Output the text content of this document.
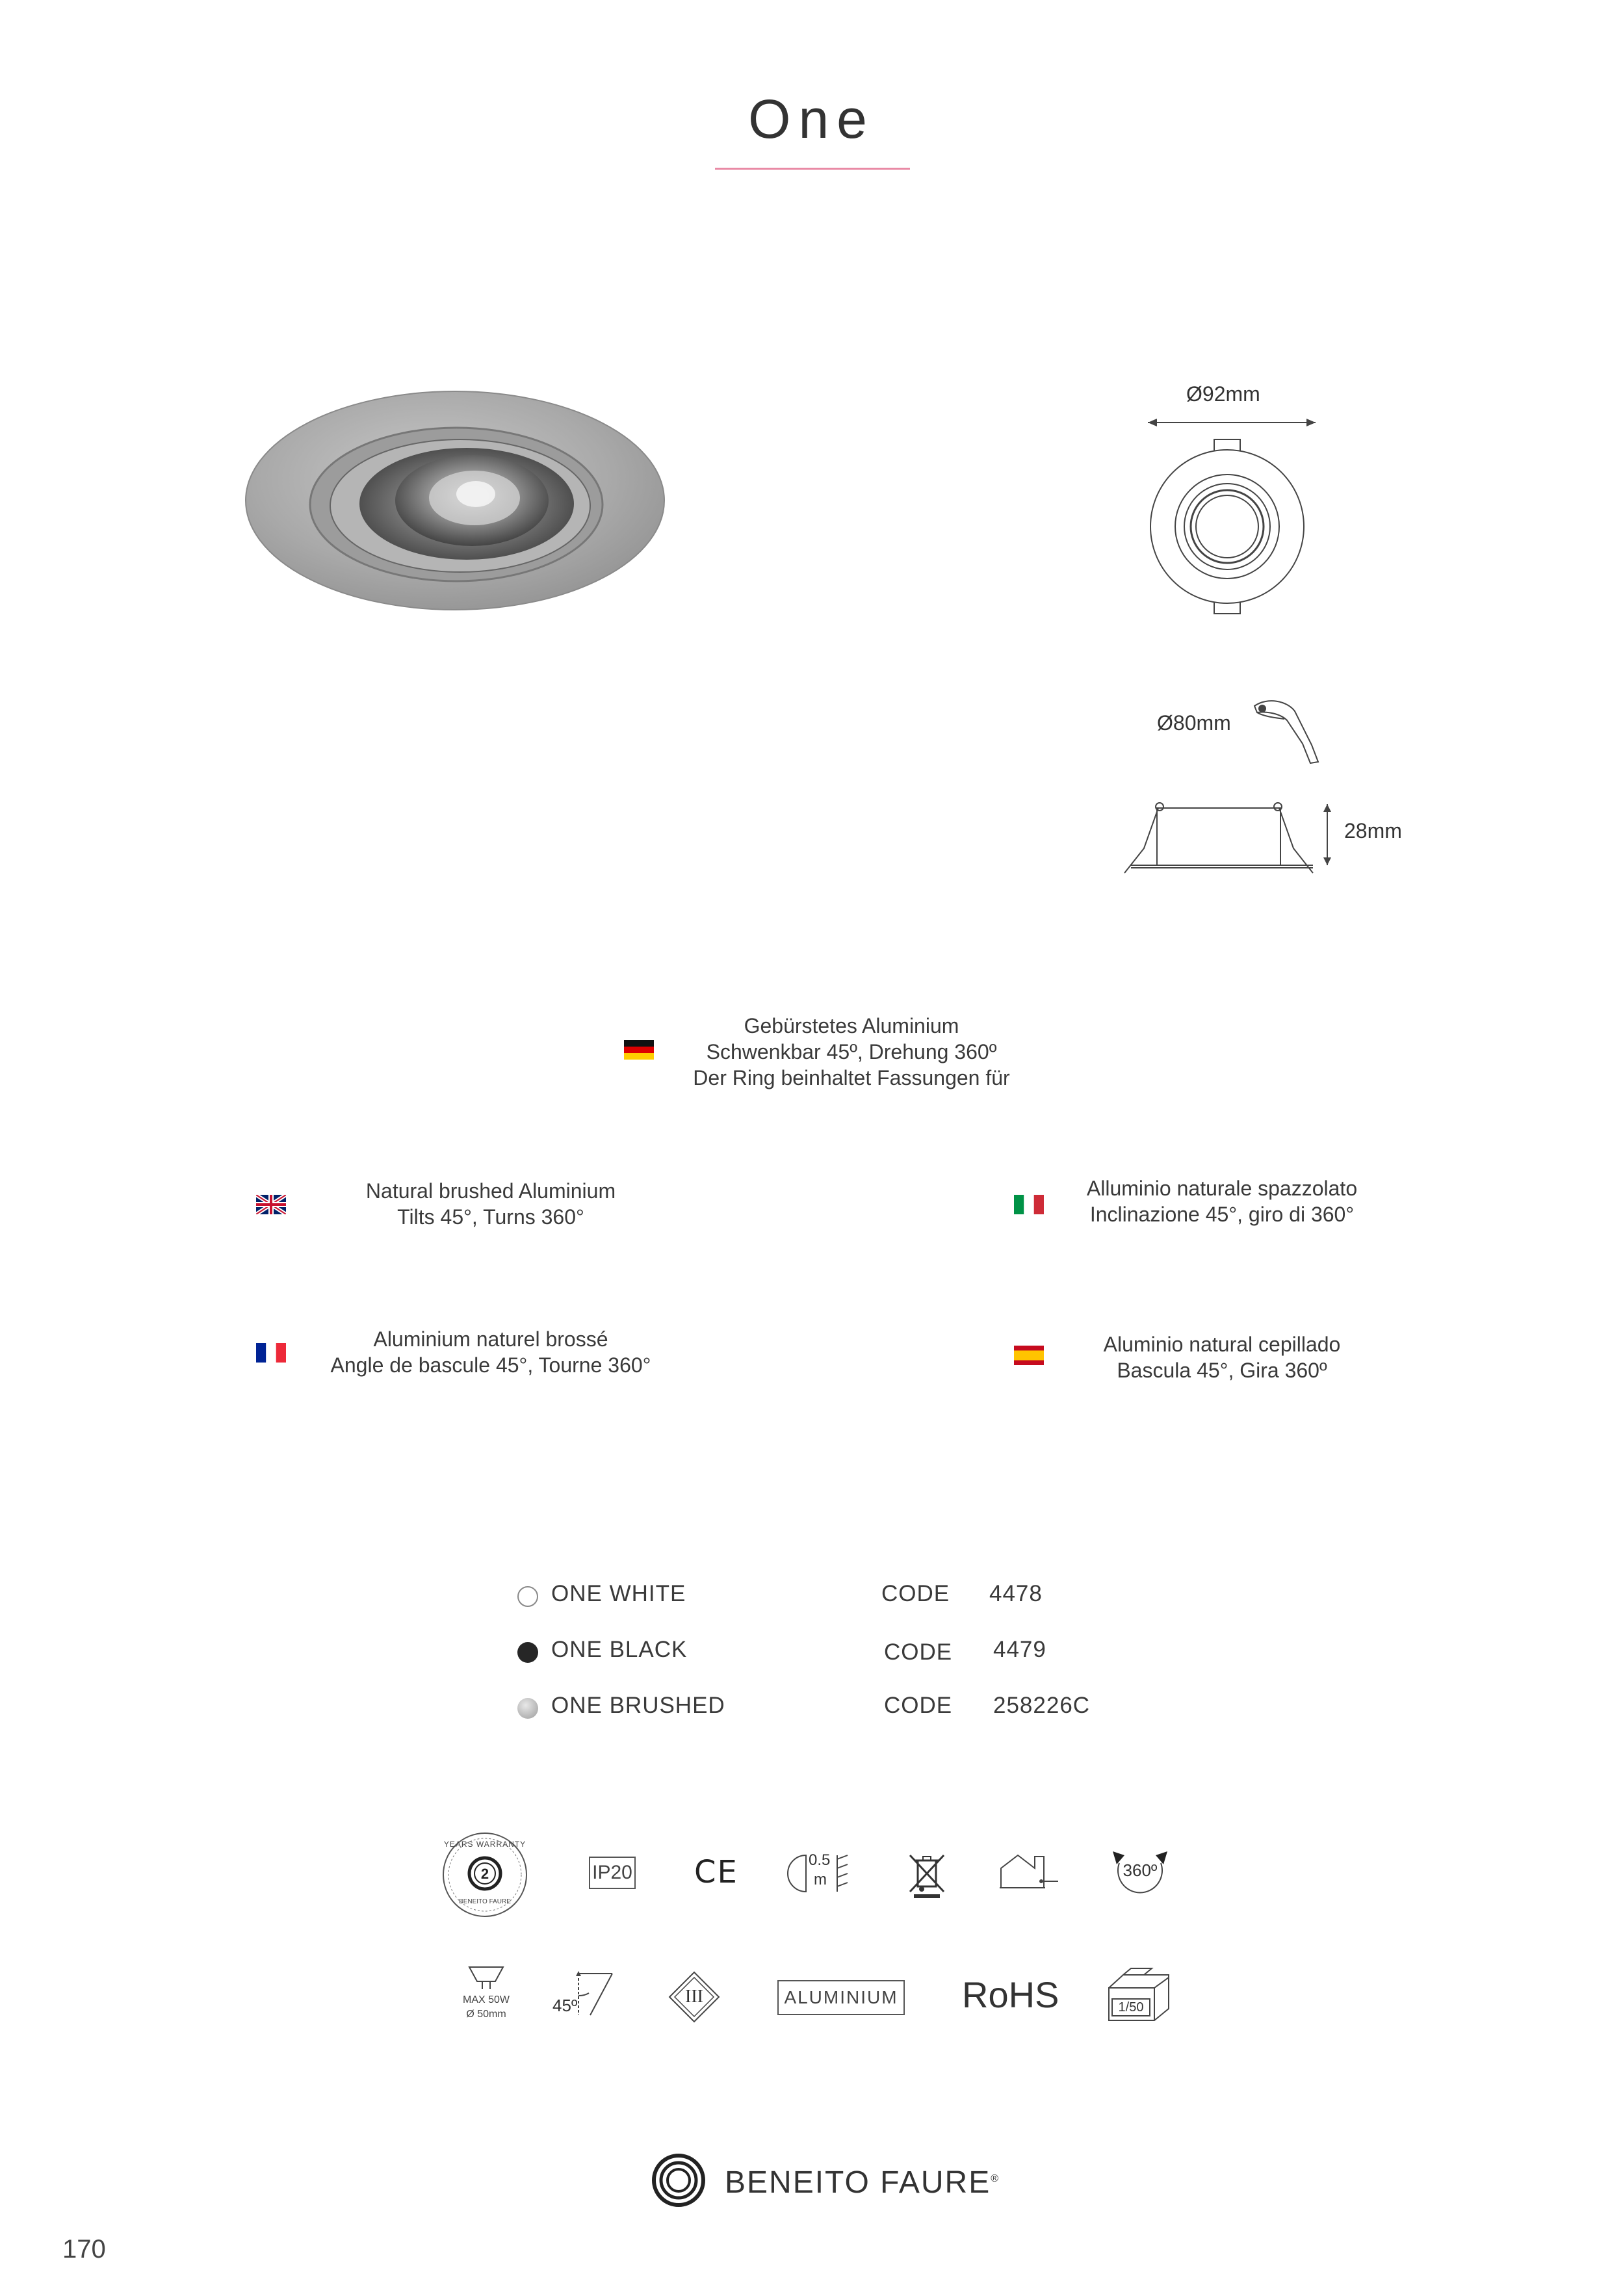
One
Ø92mm
Ø80mm
28mm
Gebürstetes Aluminium
Schwenkbar 45º, Drehung 360º
Der Ring beinhaltet Fassungen für
Natural brushed Aluminium
Tilts 45°, Turns 360°
Alluminio naturale spazzolato
Inclinazione 45°, giro di 360°
Aluminium naturel brossé
Angle de bascule 45°, Tourne 360°
Aluminio natural cepillado
Bascula 45°, Gira 360º
ONE WHITE	CODE 4478
ONE BLACK	CODE 4479
ONE BRUSHED	CODE 258226C
YEARS WARRANTY
2
BENEITO FAURE
IP20 CE	0.5
m	360º
MAX 50W
Ø 50mm	45º	III	ALUMINIUM RoHS	1/50
BENEITO FAURE®
170
